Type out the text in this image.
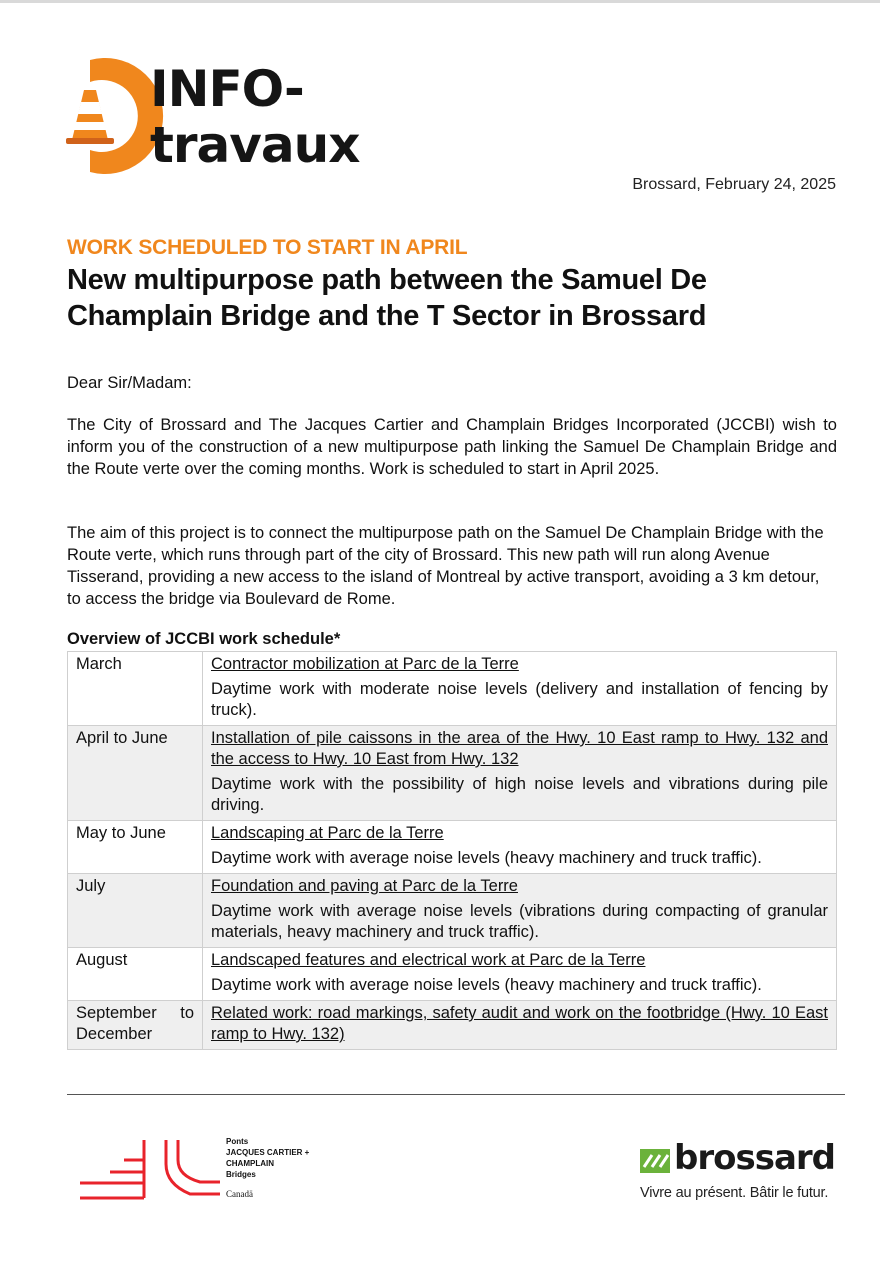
INFO-
travaux
Brossard, February 24, 2025
WORK SCHEDULED TO START IN APRIL
New multipurpose path between the Samuel De Champlain Bridge and the T Sector in Brossard

Dear Sir/Madam:

The City of Brossard and The Jacques Cartier and Champlain Bridges Incorporated (JCCBI) wish to inform you of the construction of a new multipurpose path linking the Samuel De Champlain Bridge and the Route verte over the coming months. Work is scheduled to start in April 2025.

The aim of this project is to connect the multipurpose path on the Samuel De Champlain Bridge with the Route verte, which runs through part of the city of Brossard. This new path will run along Avenue Tisserand, providing a new access to the island of Montreal by active transport, avoiding a 3 km detour, to access the bridge via Boulevard de Rome.

Overview of JCCBI work schedule*
March	Contractor mobilization at Parc de la Terre
Daytime work with moderate noise levels (delivery and installation of fencing by truck).

April to June	Installation of pile caissons in the area of the Hwy. 10 East ramp to Hwy. 132 and the access to Hwy. 10 East from Hwy. 132
Daytime work with the possibility of high noise levels and vibrations during pile driving.

May to June	Landscaping at Parc de la Terre
Daytime work with average noise levels (heavy machinery and truck traffic).

July	Foundation and paving at Parc de la Terre
Daytime work with average noise levels (vibrations during compacting of granular materials, heavy machinery and truck traffic).

August	Landscaped features and electrical work at Parc de la Terre
Daytime work with average noise levels (heavy machinery and truck traffic).

September to December	Related work: road markings, safety audit and work on the footbridge (Hwy. 10 East ramp to Hwy. 132)
Ponts
JACQUES CARTIER +
CHAMPLAIN
Bridges
Canadä
brossard
Vivre au présent. Bâtir le futur.
